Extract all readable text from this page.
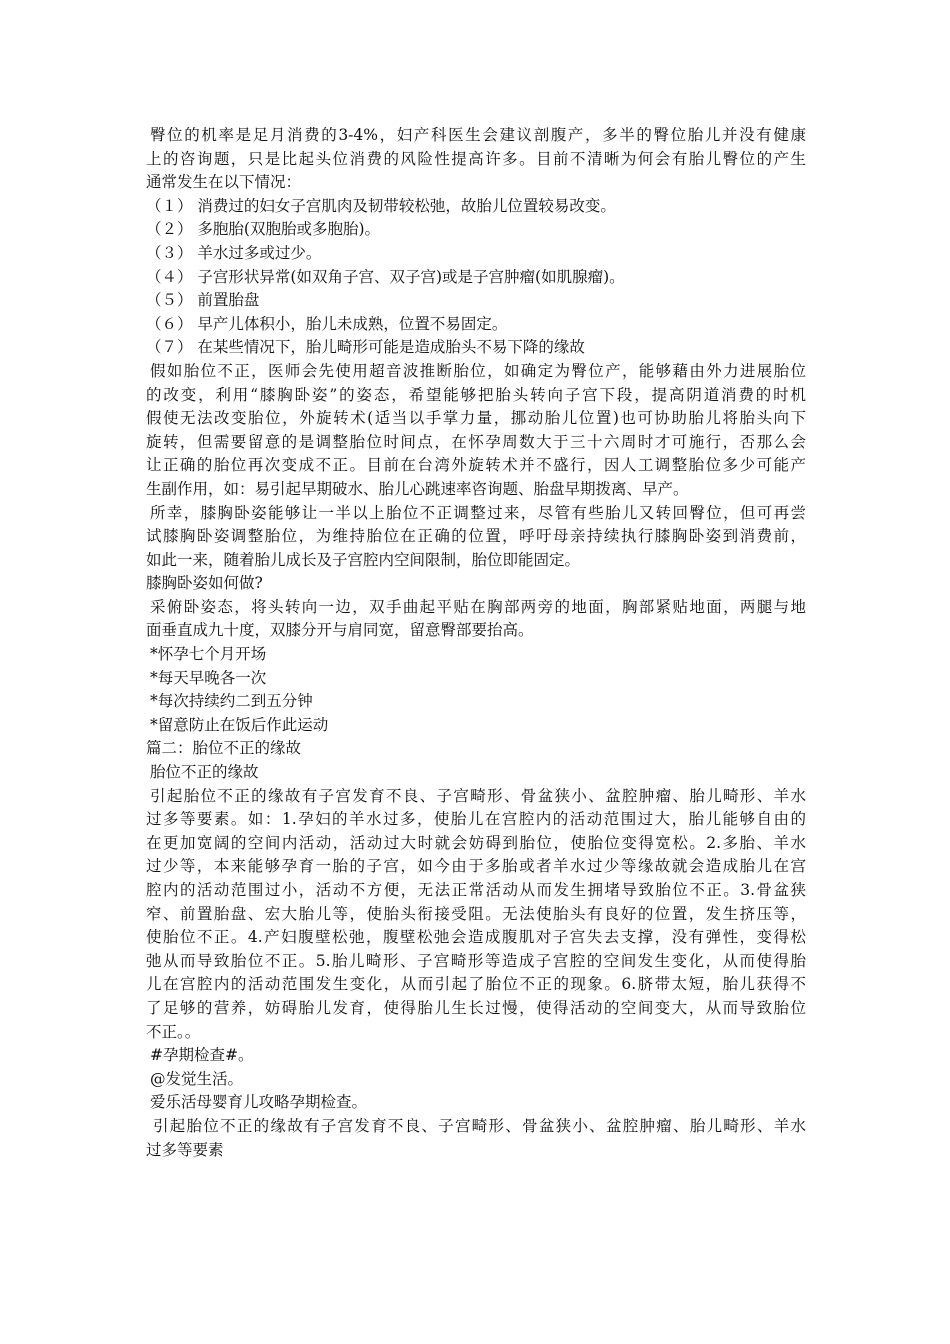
臀位的机率是足月消费的3-4%，妇产科医生会建议剖腹产，多半的臀位胎儿并没有健康
上的咨询题，只是比起头位消费的风险性提高许多。目前不清晰为何会有胎儿臀位的产生
通常发生在以下情况：
（１） 消费过的妇女子宫肌肉及韧带较松弛，故胎儿位置较易改变。
（２） 多胞胎(双胞胎或多胞胎)。
（３） 羊水过多或过少。
（４） 子宫形状异常(如双角子宫、双子宫)或是子宫肿瘤(如肌腺瘤)。
（５） 前置胎盘
（６） 早产儿体积小，胎儿未成熟，位置不易固定。
（７） 在某些情况下，胎儿畸形可能是造成胎头不易下降的缘故
假如胎位不正，医师会先使用超音波推断胎位，如确定为臀位产，能够藉由外力进展胎位
的改变，利用“膝胸卧姿”的姿态，希望能够把胎头转向子宫下段，提高阴道消费的时机
假使无法改变胎位，外旋转术(适当以手掌力量，挪动胎儿位置)也可协助胎儿将胎头向下
旋转，但需要留意的是调整胎位时间点，在怀孕周数大于三十六周时才可施行，否那么会
让正确的胎位再次变成不正。目前在台湾外旋转术并不盛行，因人工调整胎位多少可能产
生副作用，如：易引起早期破水、胎儿心跳速率咨询题、胎盘早期拨离、早产。
所幸，膝胸卧姿能够让一半以上胎位不正调整过来，尽管有些胎儿又转回臀位，但可再尝
试膝胸卧姿调整胎位，为维持胎位在正确的位置，呼吁母亲持续执行膝胸卧姿到消费前，
如此一来，随着胎儿成长及子宫腔内空间限制，胎位即能固定。
膝胸卧姿如何做?
采俯卧姿态，将头转向一边，双手曲起平贴在胸部两旁的地面，胸部紧贴地面，两腿与地
面垂直成九十度，双膝分开与肩同宽，留意臀部要抬高。
*怀孕七个月开场
*每天早晚各一次
*每次持续约二到五分钟
*留意防止在饭后作此运动
篇二：胎位不正的缘故
胎位不正的缘故
引起胎位不正的缘故有子宫发育不良、子宫畸形、骨盆狭小、盆腔肿瘤、胎儿畸形、羊水
过多等要素。如：1.孕妇的羊水过多，使胎儿在宫腔内的活动范围过大，胎儿能够自由的
在更加宽阔的空间内活动，活动过大时就会妨碍到胎位，使胎位变得宽松。2.多胎、羊水
过少等，本来能够孕育一胎的子宫，如今由于多胎或者羊水过少等缘故就会造成胎儿在宫
腔内的活动范围过小，活动不方便，无法正常活动从而发生拥堵导致胎位不正。3.骨盆狭
窄、前置胎盘、宏大胎儿等，使胎头衔接受阻。无法使胎头有良好的位置，发生挤压等，
使胎位不正。4.产妇腹壁松弛，腹壁松弛会造成腹肌对子宫失去支撑，没有弹性，变得松
弛从而导致胎位不正。5.胎儿畸形、子宫畸形等造成子宫腔的空间发生变化，从而使得胎
儿在宫腔内的活动范围发生变化，从而引起了胎位不正的现象。6.脐带太短，胎儿获得不
了足够的营养，妨碍胎儿发育，使得胎儿生长过慢，使得活动的空间变大，从而导致胎位
不正。。
#孕期检查#。
@发觉生活。
爱乐活母婴育儿攻略孕期检查。
引起胎位不正的缘故有子宫发育不良、子宫畸形、骨盆狭小、盆腔肿瘤、胎儿畸形、羊水
过多等要素
